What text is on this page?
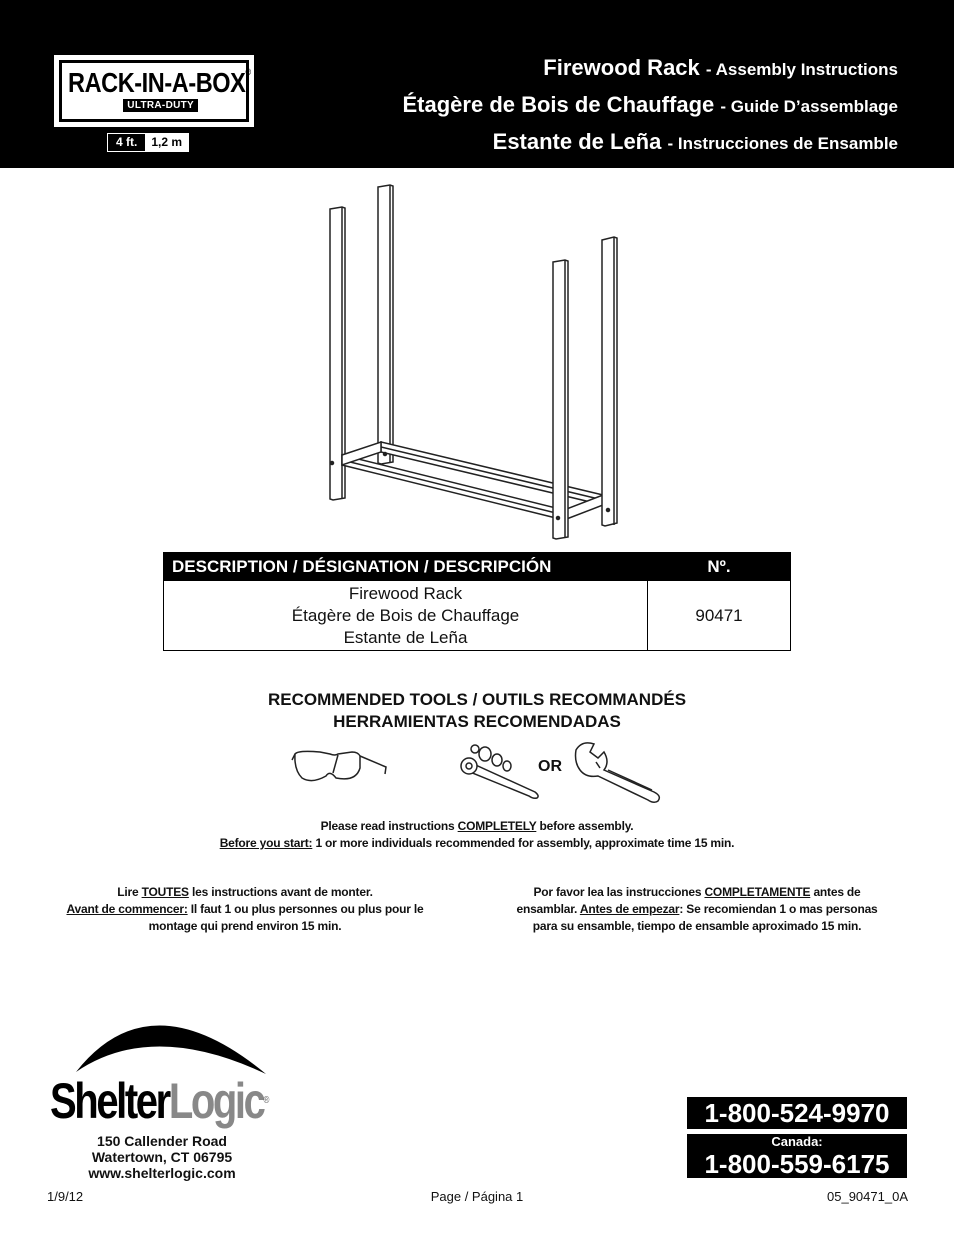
RACK-IN-A-BOX®
ULTRA-DUTY
4 ft.	1,2 m
Firewood Rack - Assembly Instructions
Étagère de Bois de Chauffage - Guide D’assemblage
Estante de Leña - Instrucciones de Ensamble
DESCRIPTION / DÉSIGNATION / DESCRIPCIÓN	Nº.

Firewood Rack
Étagère de Bois de Chauffage
Estante de Leña	90471
RECOMMENDED TOOLS / OUTILS RECOMMANDÉS
HERRAMIENTAS RECOMENDADAS
OR
Please read instructions COMPLETELY before assembly.
Before you start: 1 or more individuals recommended for assembly, approximate time 15 min.
Lire TOUTES les instructions avant de monter.
Avant de commencer: Il faut 1 ou plus personnes ou plus pour le
montage qui prend environ 15 min.
Por favor lea las instrucciones COMPLETAMENTE antes de
ensamblar. Antes de empezar: Se recomiendan 1 o mas personas
para su ensamble, tiempo de ensamble aproximado 15 min.
ShelterLogic®
150 Callender Road
Watertown, CT 06795
www.shelterlogic.com
1-800-524-9970
Canada:
1-800-559-6175
1/9/12	Page / Página 1	05_90471_0A
